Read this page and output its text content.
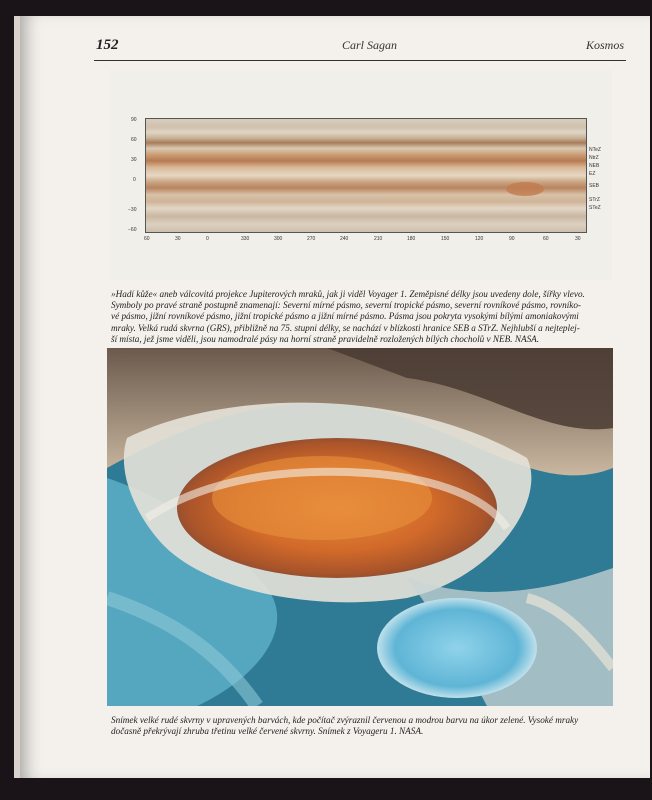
152	Carl Sagan	Kosmos
90
60
30
0
−30
−60
60	30	0	330	300	270	240	210	180	150	120	90	60	30
NTeZ
NtrZ
NEB
EZ
SEB
STrZ
STeZ
»Hadí kůže« aneb válcovitá projekce Jupiterových mraků, jak ji viděl Voyager 1. Zeměpisné délky jsou uvedeny dole, šířky vlevo.
Symboly po pravé straně postupně znamenají: Severní mírné pásmo, severní tropické pásmo, severní rovníkové pásmo, rovníko-
vé pásmo, jižní rovníkové pásmo, jižní tropické pásmo a jižní mírné pásmo. Pásma jsou pokryta vysokými bílými amoniakovými
mraky. Velká rudá skvrna (GRS), přibližně na 75. stupni délky, se nachází v blízkosti hranice SEB a STrZ. Nejhlubší a nejteplej-
ší místa, jež jsme viděli, jsou namodralé pásy na horní straně pravidelně rozložených bílých chocholů v NEB. NASA.
Snímek velké rudé skvrny v upravených barvách, kde počítač zvýraznil červenou a modrou barvu na úkor zelené. Vysoké mraky
dočasně překrývají zhruba třetinu velké červené skvrny. Snímek z Voyageru 1. NASA.
